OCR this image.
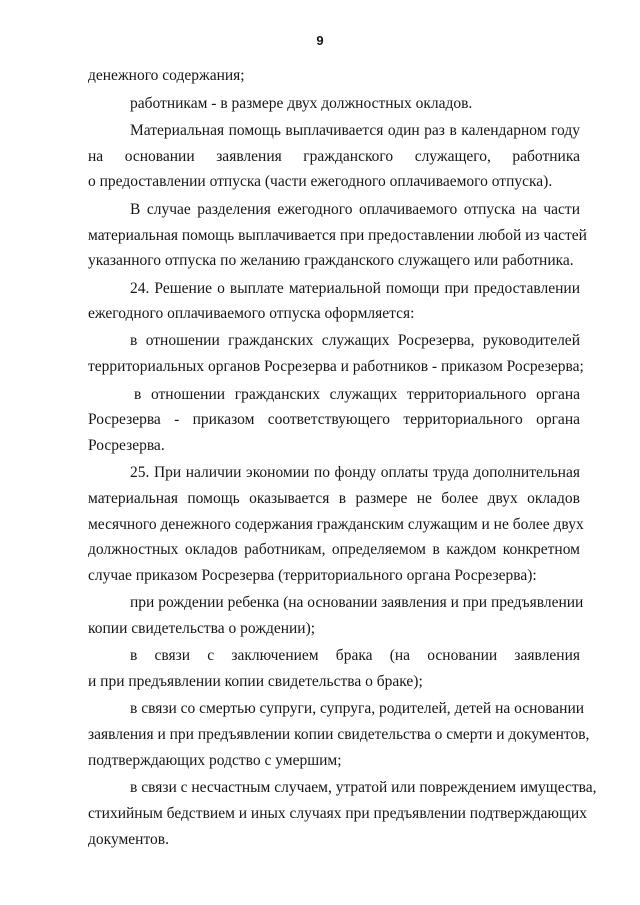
9
денежного содержания;
работникам - в размере двух должностных окладов.
Материальная помощь выплачивается один раз в календарном году
на основании заявления гражданского служащего, работника
о предоставлении отпуска (части ежегодного оплачиваемого отпуска).
В случае разделения ежегодного оплачиваемого отпуска на части
материальная помощь выплачивается при предоставлении любой из частей
указанного отпуска по желанию гражданского служащего или работника.
24. Решение о выплате материальной помощи при предоставлении
ежегодного оплачиваемого отпуска оформляется:
в отношении гражданских служащих Росрезерва, руководителей
территориальных органов Росрезерва и работников - приказом Росрезерва;
в отношении гражданских служащих территориального органа
Росрезерва - приказом соответствующего территориального органа
Росрезерва.
25. При наличии экономии по фонду оплаты труда дополнительная
материальная помощь оказывается в размере не более двух окладов
месячного денежного содержания гражданским служащим и не более двух
должностных окладов работникам, определяемом в каждом конкретном
случае приказом Росрезерва (территориального органа Росрезерва):
при рождении ребенка (на основании заявления и при предъявлении
копии свидетельства о рождении);
в связи с заключением брака (на основании заявления
и при предъявлении копии свидетельства о браке);
в связи со смертью супруги, супруга, родителей, детей на основании
заявления и при предъявлении копии свидетельства о смерти и документов,
подтверждающих родство с умершим;
в связи с несчастным случаем, утратой или повреждением имущества,
стихийным бедствием и иных случаях при предъявлении подтверждающих
документов.
